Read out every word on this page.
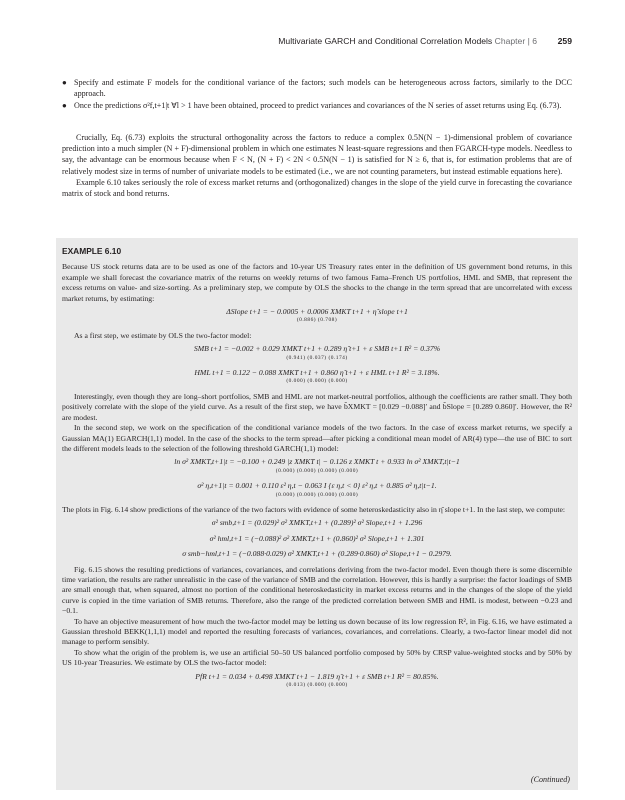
Multivariate GARCH and Conditional Correlation Models Chapter | 6 259
● Specify and estimate F models for the conditional variance of the factors; such models can be heterogeneous across factors, similarly to the DCC approach.
● Once the predictions σ²f,t+1|t ∀l > 1 have been obtained, proceed to predict variances and covariances of the N series of asset returns using Eq. (6.73).

Crucially, Eq. (6.73) exploits the structural orthogonality across the factors to reduce a complex 0.5N(N − 1)-dimensional problem of covariance prediction into a much simpler (N + F)-dimensional problem in which one estimates N least-square regressions and then FGARCH-type models. Needless to say, the advantage can be enormous because when F < N, (N + F) < 2N < 0.5N(N − 1) is satisfied for N ≥ 6, that is, for estimation problems that are of relatively modest size in terms of number of univariate models to be estimated (i.e., we are not counting parameters, but instead estimable equations here).

Example 6.10 takes seriously the role of excess market returns and (orthogonalized) changes in the slope of the yield curve in forecasting the covariance matrix of stock and bond returns.

EXAMPLE 6.10

Because US stock returns data are to be used as one of the factors and 10-year US Treasury rates enter in the definition of US government bond returns, in this example we shall forecast the covariance matrix of the returns on weekly returns of two famous Fama–French US portfolios, HML and SMB, that represent the excess returns on value- and size-sorting. As a preliminary step, we compute by OLS the shocks to the change in the term spread that are uncorrelated with excess market returns, by estimating:

ΔSlope t+1 = − 0.0005 + 0.0006 XMKT t+1 + η̂ slope t+1
(0.886) (0.708)

As a first step, we estimate by OLS the two-factor model:

SMB t+1 = −0.002 + 0.029 XMKT t+1 + 0.289 η̂ t+1 + ε SMB t+1 R² = 0.37%
(0.941) (0.037) (0.174)
HML t+1 = 0.122 − 0.088 XMKT t+1 + 0.860 η̂ t+1 + ε HML t+1 R² = 3.18%.
(0.000) (0.000) (0.000)

Interestingly, even though they are long–short portfolios, SMB and HML are not market-neutral portfolios, although the coefficients are rather small. They both positively correlate with the slope of the yield curve. As a result of the first step, we have b̂XMKT = [0.029 −0.088]′ and b̂Slope = [0.289 0.860]′. However, the R² are modest.

In the second step, we work on the specification of the conditional variance models of the two factors. In the case of excess market returns, we specify a Gaussian MA(1) EGARCH(1,1) model. In the case of the shocks to the term spread—after picking a conditional mean model of AR(4) type—the use of BIC to sort the different models leads to the selection of the following threshold GARCH(1,1) model:

ln σ² XMKT,t+1|t = −0.100 + 0.249 |z XMKT t| − 0.126 z XMKT t + 0.933 ln σ² XMKT,t|t−1
(0.000) (0.000) (0.000) (0.000)
σ² η,t+1|t = 0.001 + 0.110 ε² η,t − 0.063 I {ε η,t < 0} ε² η,t + 0.885 σ² η,t|t−1.
(0.000) (0.000) (0.000) (0.000)

The plots in Fig. 6.14 show predictions of the variance of the two factors with evidence of some heteroskedasticity also in η̂ slope t+1. In the last step, we compute:

σ² smb,t+1 = (0.029)² σ² XMKT,t+1 + (0.289)² σ² Slope,t+1 + 1.296
σ² hml,t+1 = (−0.088)² σ² XMKT,t+1 + (0.860)² σ² Slope,t+1 + 1.301
σ smb−hml,t+1 = (−0.088·0.029) σ² XMKT,t+1 + (0.289·0.860) σ² Slope,t+1 − 0.2979.

Fig. 6.15 shows the resulting predictions of variances, covariances, and correlations deriving from the two-factor model. Even though there is some discernible time variation, the results are rather unrealistic in the case of the variance of SMB and the correlation. However, this is hardly a surprise: the factor loadings of SMB are small enough that, when squared, almost no portion of the conditional heteroskedasticity in market excess returns and in the changes of the slope of the yield curve is copied in the time variation of SMB returns. Therefore, also the range of the predicted correlation between SMB and HML is modest, between −0.23 and −0.1.

To have an objective measurement of how much the two-factor model may be letting us down because of its low regression R², in Fig. 6.16, we have estimated a Gaussian threshold BEKK(1,1,1) model and reported the resulting forecasts of variances, covariances, and correlations. Clearly, a two-factor linear model did not manage to perform sensibly.

To show what the origin of the problem is, we use an artificial 50–50 US balanced portfolio composed by 50% by CRSP value-weighted stocks and by 50% by US 10-year Treasuries. We estimate by OLS the two-factor model:

PfR t+1 = 0.034 + 0.498 XMKT t+1 − 1.819 η̂ t+1 + ε SMB t+1 R² = 80.85%.
(0.013) (0.000) (0.000)
(Continued)
